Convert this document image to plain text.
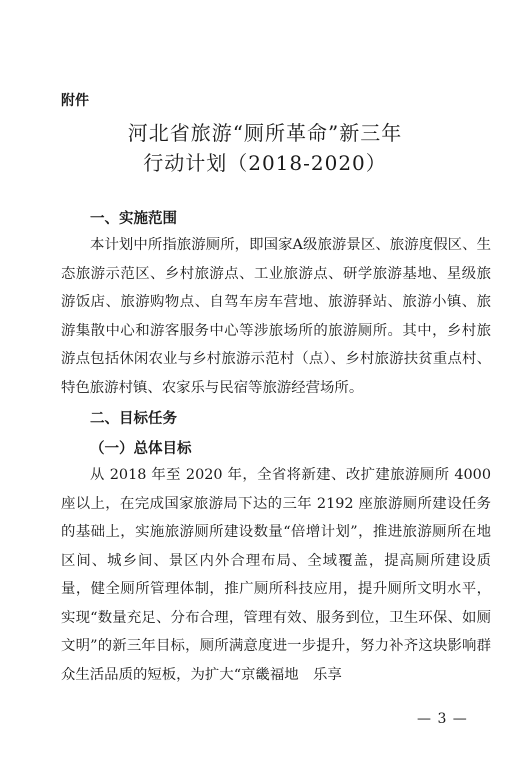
附件
河北省旅游“厕所革命”新三年
行动计划（2018-2020）
一、实施范围

本计划中所指旅游厕所，即国家A级旅游景区、旅游度假区、生态旅游示范区、乡村旅游点、工业旅游点、研学旅游基地、星级旅游饭店、旅游购物点、自驾车房车营地、旅游驿站、旅游小镇、旅游集散中心和游客服务中心等涉旅场所的旅游厕所。其中，乡村旅游点包括休闲农业与乡村旅游示范村（点）、乡村旅游扶贫重点村、特色旅游村镇、农家乐与民宿等旅游经营场所。

二、目标任务
（一）总体目标

从 2018 年至 2020 年，全省将新建、改扩建旅游厕所 4000 座以上，在完成国家旅游局下达的三年 2192 座旅游厕所建设任务的基础上，实施旅游厕所建设数量“倍增计划”，推进旅游厕所在地区间、城乡间、景区内外合理布局、全域覆盖，提高厕所建设质量，健全厕所管理体制，推广厕所科技应用，提升厕所文明水平，实现“数量充足、分布合理，管理有效、服务到位，卫生环保、如厕文明”的新三年目标，厕所满意度进一步提升，努力补齐这块影响群众生活品质的短板，为扩大“京畿福地　乐享

— 3 —
